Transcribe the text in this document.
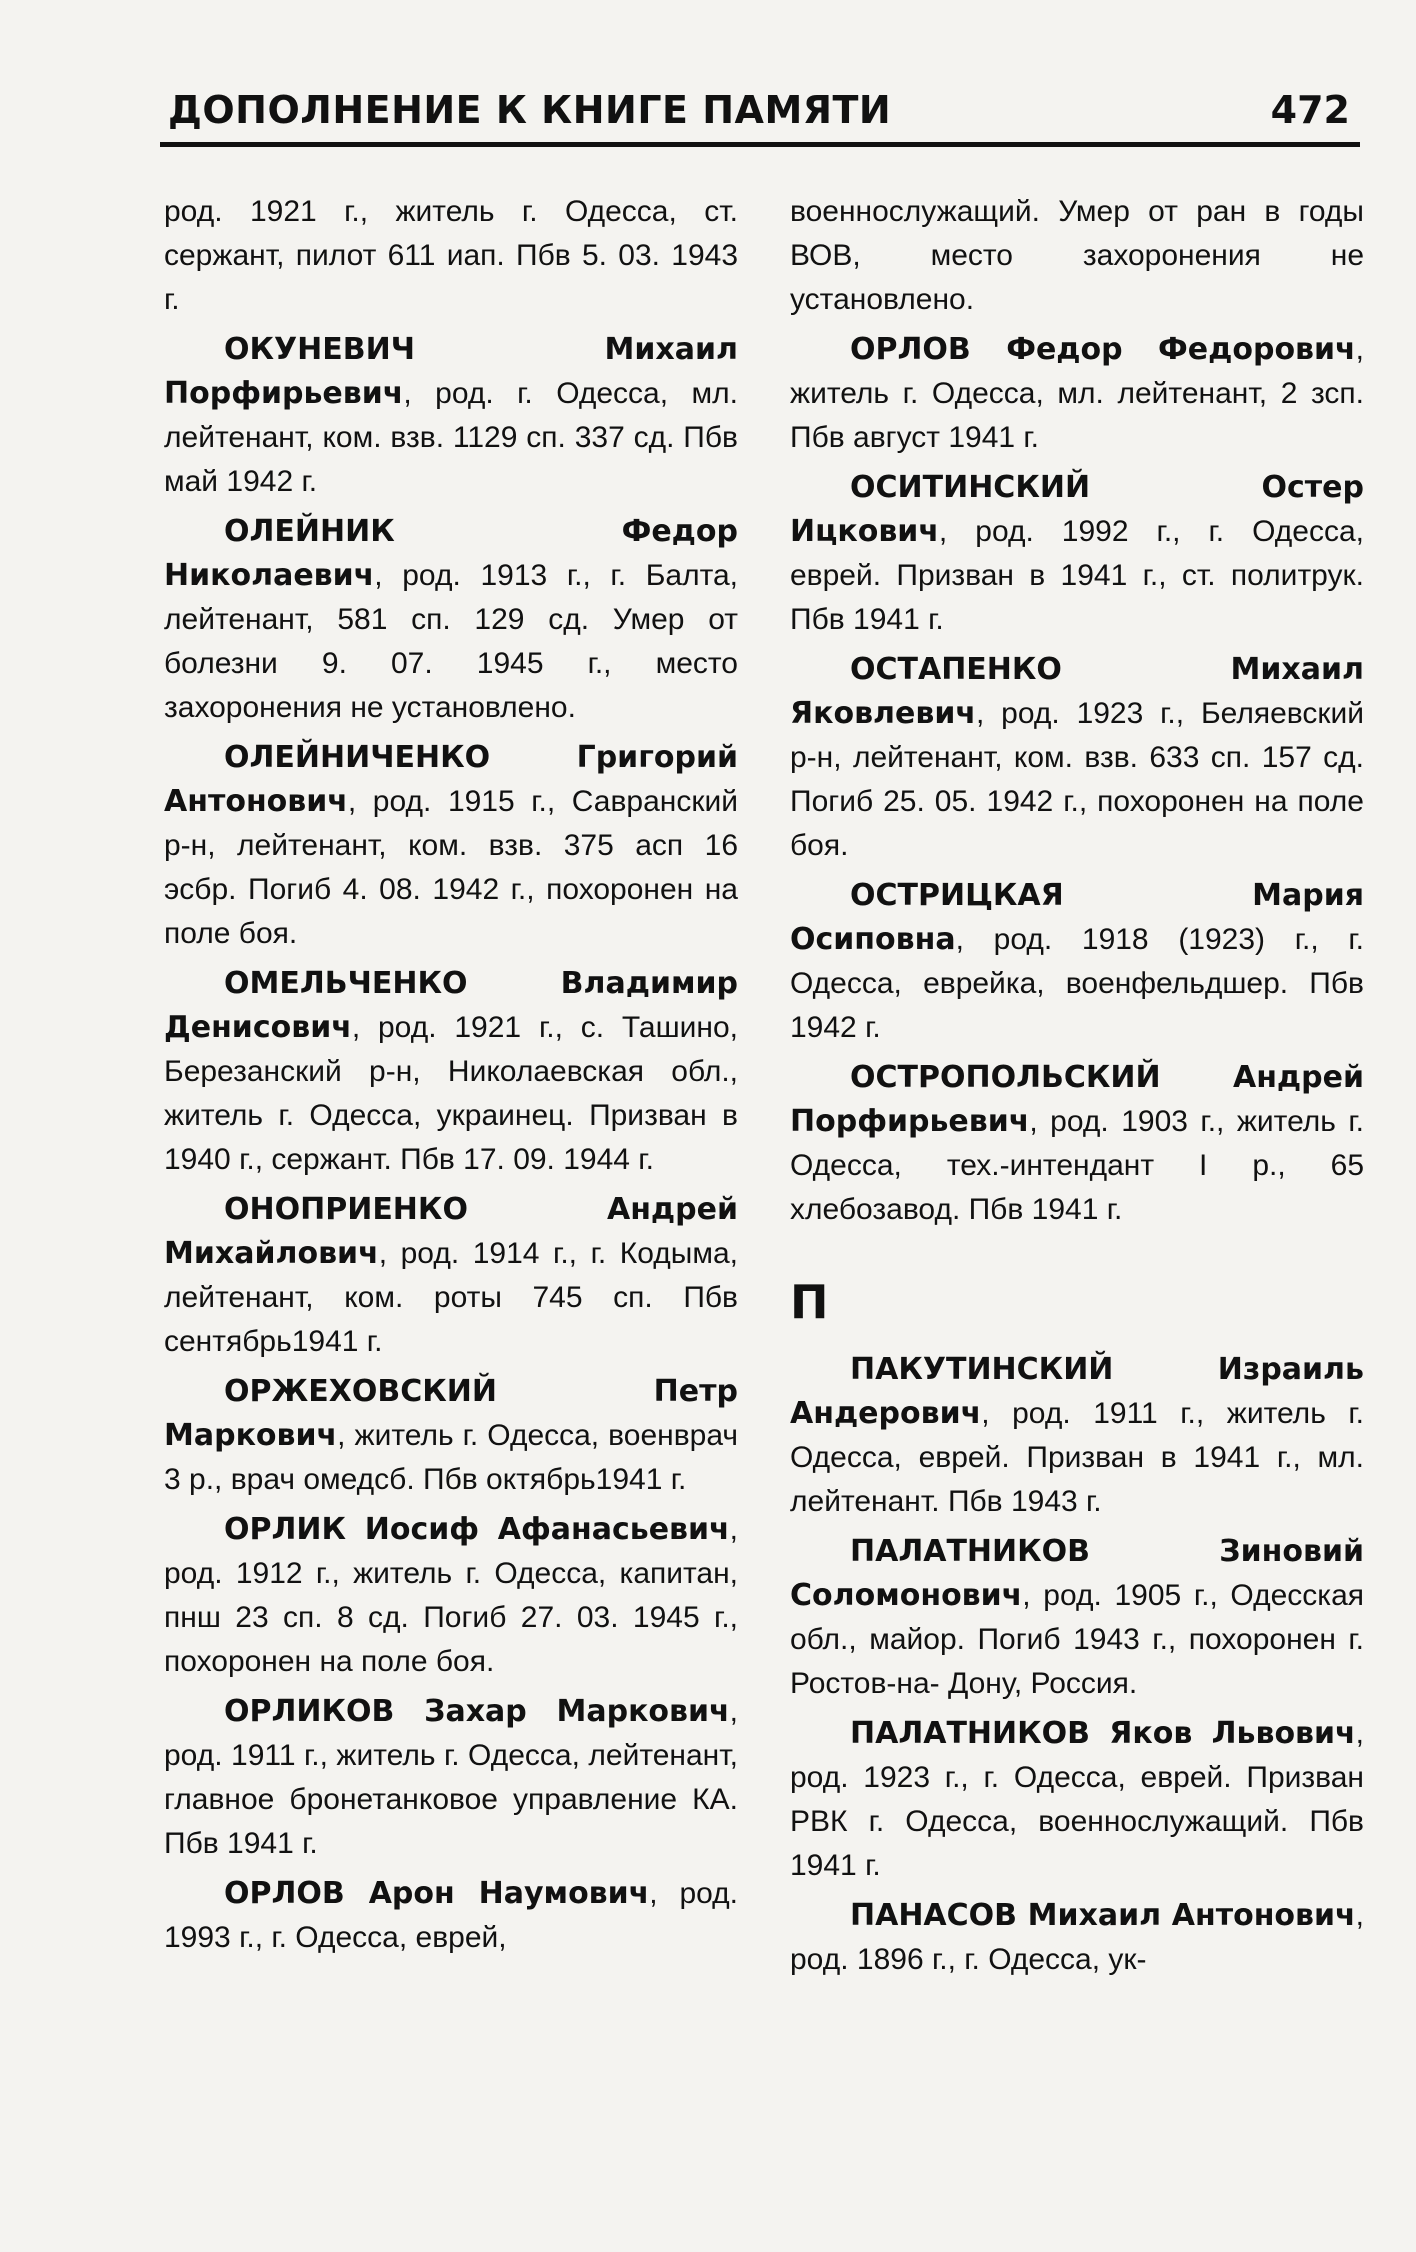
ДОПОЛНЕНИЕ К КНИГЕ ПАМЯТИ	472

род. 1921 г., житель г. Одесса, ст. сержант, пилот 611 иап. Пбв 5. 03. 1943 г.

ОКУНЕВИЧ Михаил Порфирьевич, род. г. Одесса, мл. лейтенант, ком. взв. 1129 сп. 337 сд. Пбв май 1942 г.

ОЛЕЙНИК Федор Николаевич, род. 1913 г., г. Балта, лейтенант, 581 сп. 129 сд. Умер от болезни 9. 07. 1945 г., место захоронения не установлено.

ОЛЕЙНИЧЕНКО Григорий Антонович, род. 1915 г., Савранский р-н, лейтенант, ком. взв. 375 асп 16 эсбр. Погиб 4. 08. 1942 г., похоронен на поле боя.

ОМЕЛЬЧЕНКО Владимир Денисович, род. 1921 г., с. Ташино, Березанский р-н, Николаевская обл., житель г. Одесса, украинец. Призван в 1940 г., сержант. Пбв 17. 09. 1944 г.

ОНОПРИЕНКО Андрей Михайлович, род. 1914 г., г. Кодыма, лейтенант, ком. роты 745 сп. Пбв сентябрь1941 г.

ОРЖЕХОВСКИЙ Петр Маркович, житель г. Одесса, военврач 3 р., врач омедсб. Пбв октябрь1941 г.

ОРЛИК Иосиф Афанасьевич, род. 1912 г., житель г. Одесса, капитан, пнш 23 сп. 8 сд. Погиб 27. 03. 1945 г., похоронен на поле боя.

ОРЛИКОВ Захар Маркович, род. 1911 г., житель г. Одесса, лейтенант, главное бронетанковое управление КА. Пбв 1941 г.

ОРЛОВ Арон Наумович, род. 1993 г., г. Одесса, еврей,

военнослужащий. Умер от ран в годы ВОВ, место захоронения не установлено.

ОРЛОВ Федор Федорович, житель г. Одесса, мл. лейтенант, 2 зсп. Пбв август 1941 г.

ОСИТИНСКИЙ Остер Ицкович, род. 1992 г., г. Одесса, еврей. Призван в 1941 г., ст. политрук. Пбв 1941 г.

ОСТАПЕНКО Михаил Яковлевич, род. 1923 г., Беляевский р-н, лейтенант, ком. взв. 633 сп. 157 сд. Погиб 25. 05. 1942 г., похоронен на поле боя.

ОСТРИЦКАЯ Мария Осиповна, род. 1918 (1923) г., г. Одесса, еврейка, военфельдшер. Пбв 1942 г.

ОСТРОПОЛЬСКИЙ Андрей Порфирьевич, род. 1903 г., житель г. Одесса, тех.-интендант I р., 65 хлебозавод. Пбв 1941 г.

П

ПАКУТИНСКИЙ Израиль Андерович, род. 1911 г., житель г. Одесса, еврей. Призван в 1941 г., мл. лейтенант. Пбв 1943 г.

ПАЛАТНИКОВ Зиновий Соломонович, род. 1905 г., Одесская обл., майор. Погиб 1943 г., похоронен г. Ростов-на- Дону, Россия.

ПАЛАТНИКОВ Яков Львович, род. 1923 г., г. Одесса, еврей. Призван РВК г. Одесса, военнослужащий. Пбв 1941 г.

ПАНАСОВ Михаил Антонович, род. 1896 г., г. Одесса, ук-
